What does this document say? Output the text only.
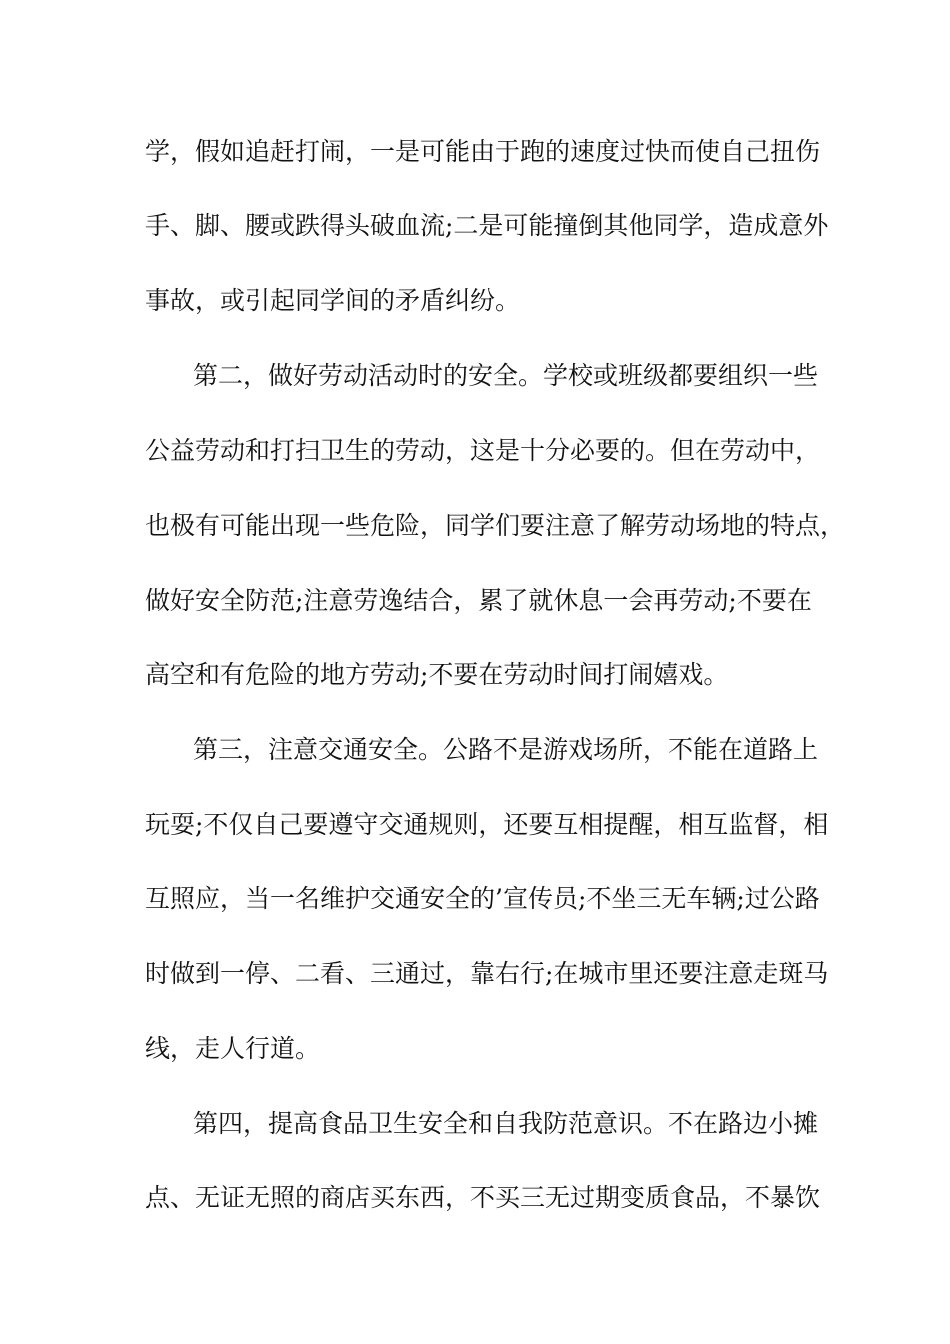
学，假如追赶打闹，一是可能由于跑的速度过快而使自己扭伤
手、脚、腰或跌得头破血流;二是可能撞倒其他同学，造成意外
事故，或引起同学间的矛盾纠纷。
第二，做好劳动活动时的安全。学校或班级都要组织一些
公益劳动和打扫卫生的劳动，这是十分必要的。但在劳动中，
也极有可能出现一些危险，同学们要注意了解劳动场地的特点，
做好安全防范;注意劳逸结合，累了就休息一会再劳动;不要在
高空和有危险的地方劳动;不要在劳动时间打闹嬉戏。
第三，注意交通安全。公路不是游戏场所，不能在道路上
玩耍;不仅自己要遵守交通规则，还要互相提醒，相互监督，相
互照应，当一名维护交通安全的’宣传员;不坐三无车辆;过公路
时做到一停、二看、三通过，靠右行;在城市里还要注意走斑马
线，走人行道。
第四，提高食品卫生安全和自我防范意识。不在路边小摊
点、无证无照的商店买东西，不买三无过期变质食品，不暴饮
